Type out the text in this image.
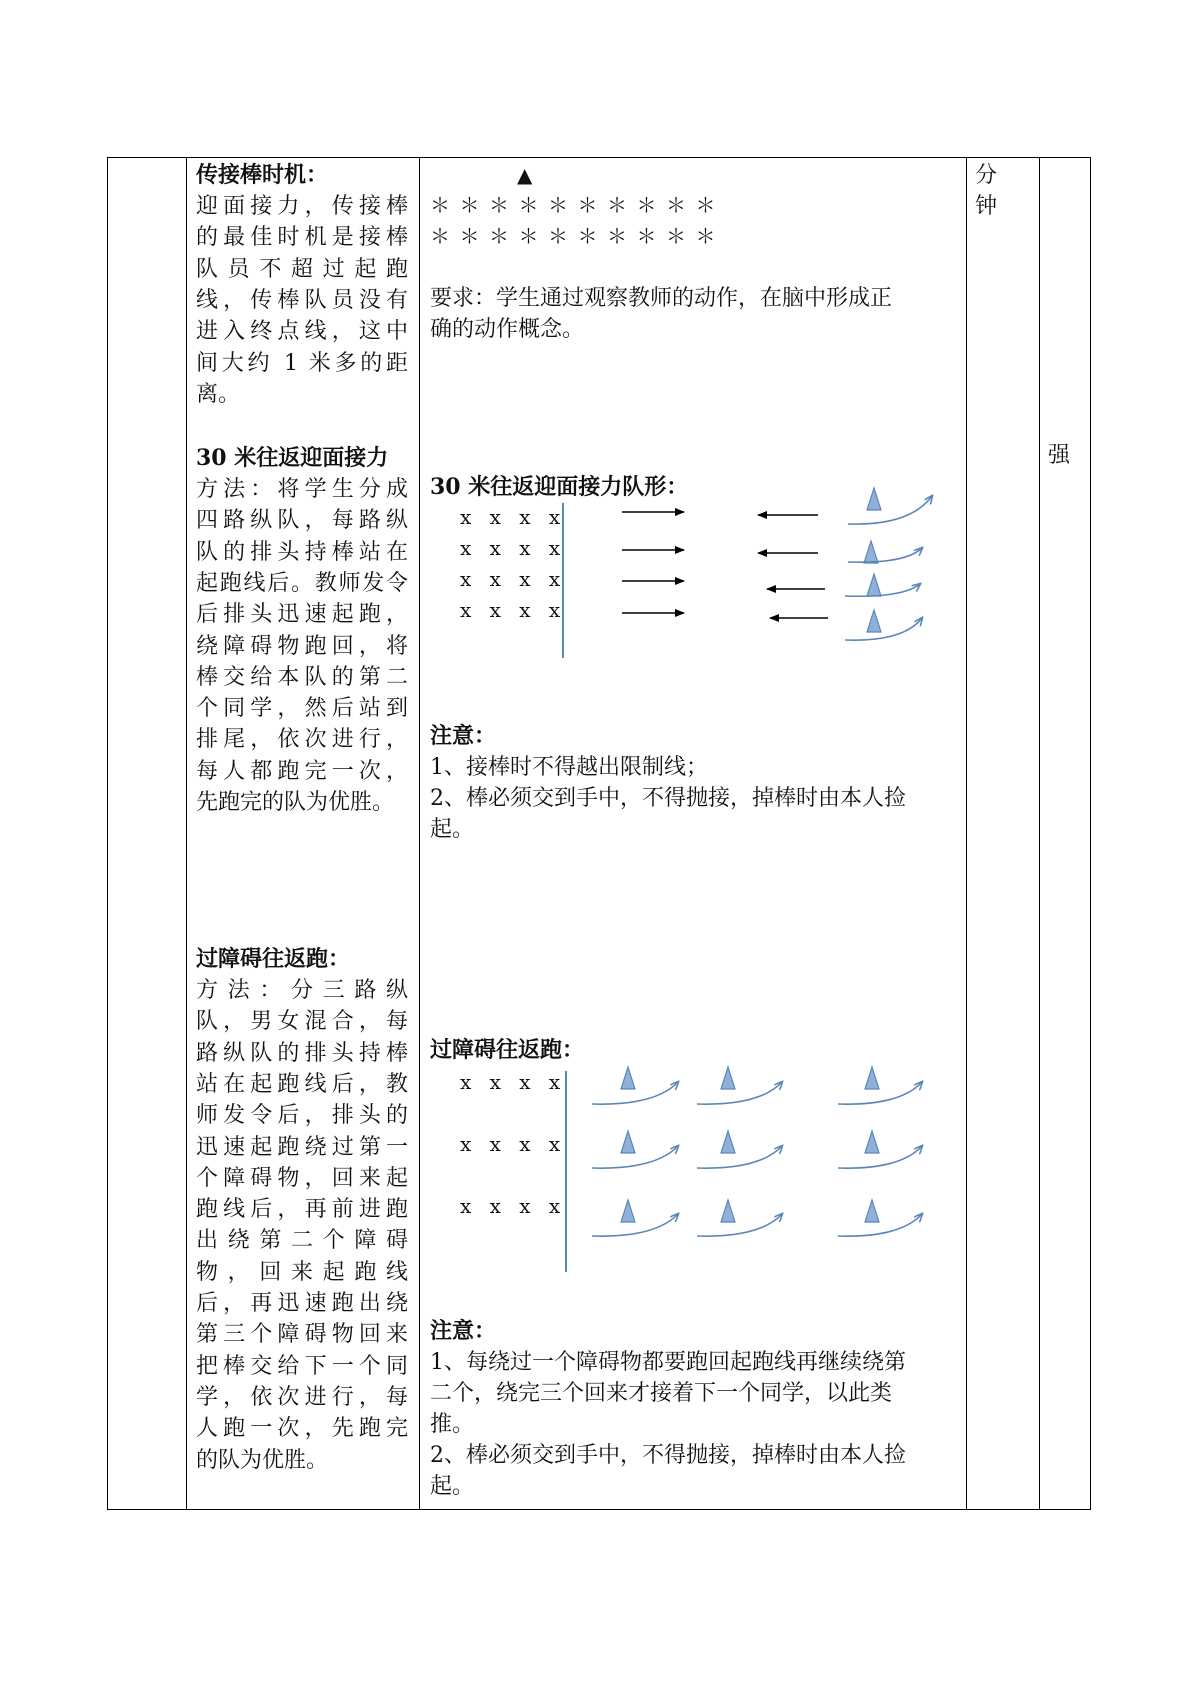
传接棒时机：
迎面接力，传接棒
的最佳时机是接棒
队员不超过起跑
线，传棒队员没有
进入终点线，这中
间大约 1 米多的距
离。
30 米往返迎面接力
方法：将学生分成
四路纵队，每路纵
队的排头持棒站在
起跑线后。教师发令
后排头迅速起跑，
绕障碍物跑回，将
棒交给本队的第二
个同学，然后站到
排尾，依次进行，
每人都跑完一次，
先跑完的队为优胜。
过障碍往返跑：
方法：分三路纵
队，男女混合，每
路纵队的排头持棒
站在起跑线后，教
师发令后，排头的
迅速起跑绕过第一
个障碍物，回来起
跑线后，再前进跑
出绕第二个障碍
物，回来起跑线
后，再迅速跑出绕
第三个障碍物回来
把棒交给下一个同
学，依次进行，每
人跑一次，先跑完
的队为优胜。
▲
＊＊＊＊＊＊＊＊＊＊
＊＊＊＊＊＊＊＊＊＊
要求：学生通过观察教师的动作，在脑中形成正
确的动作概念。
30 米往返迎面接力队形：
x x x x
x x x x
x x x x
x x x x
注意：
1、接棒时不得越出限制线；
2、棒必须交到手中，不得抛接，掉棒时由本人捡
起。
过障碍往返跑：
x x x x
x x x x
x x x x
注意：
1、每绕过一个障碍物都要跑回起跑线再继续绕第
二个，绕完三个回来才接着下一个同学，以此类
推。
2、棒必须交到手中，不得抛接，掉棒时由本人捡
起。
分
钟
强
